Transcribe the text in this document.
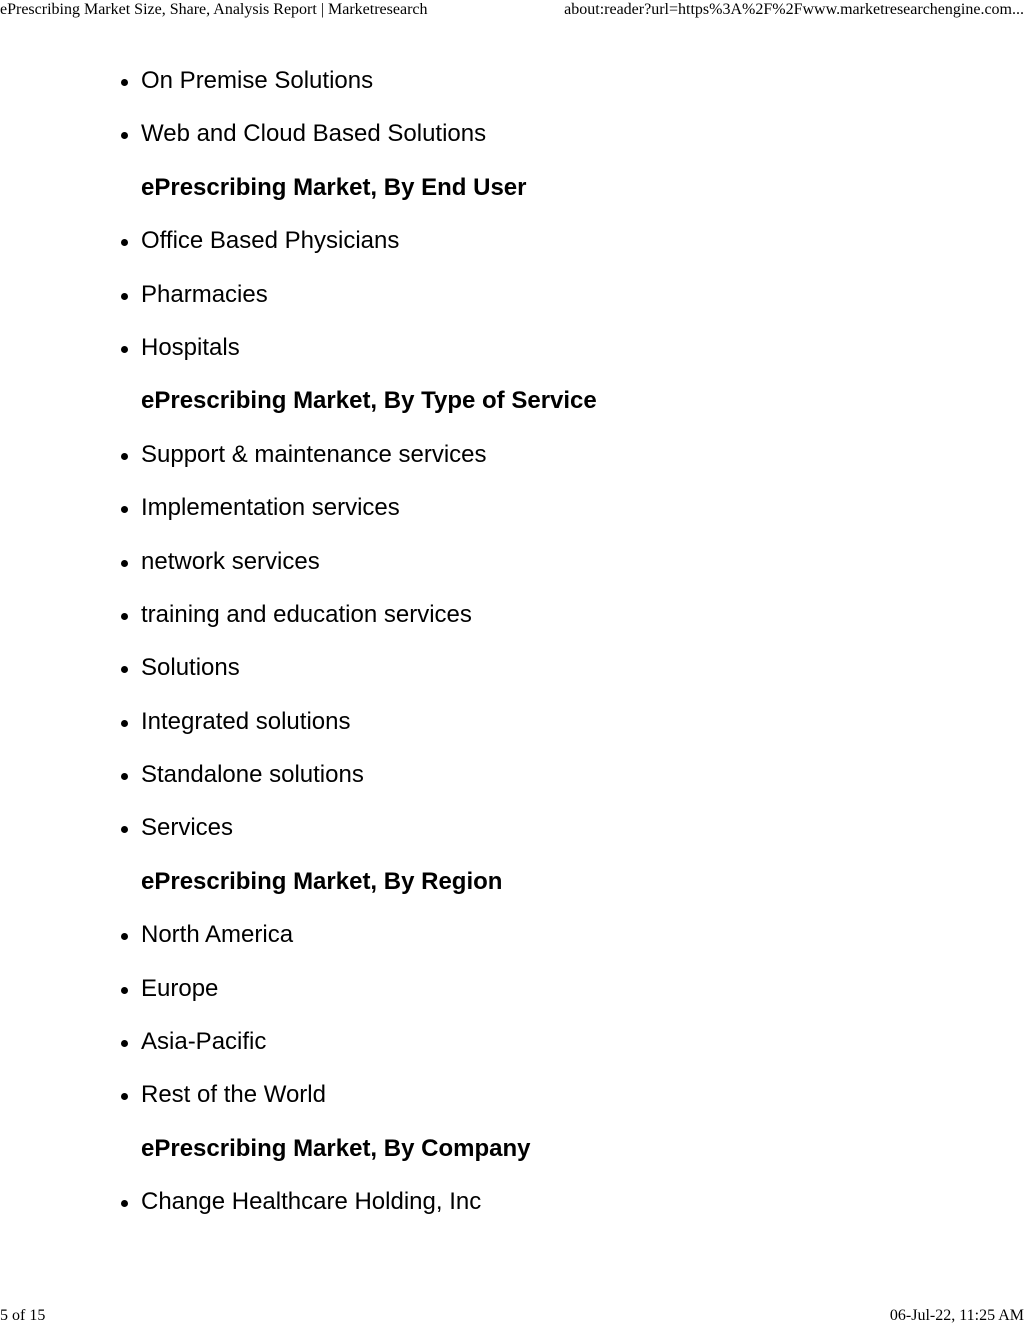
ePrescribing Market Size, Share, Analysis Report | Marketresearch	about:reader?url=https%3A%2F%2Fwww.marketresearchengine.com...
On Premise Solutions
Web and Cloud Based Solutions
ePrescribing Market, By End User
Office Based Physicians
Pharmacies
Hospitals
ePrescribing Market, By Type of Service
Support & maintenance services
Implementation services
network services
training and education services
Solutions
Integrated solutions
Standalone solutions
Services
ePrescribing Market, By Region
North America
Europe
Asia-Pacific
Rest of the World
ePrescribing Market, By Company
Change Healthcare Holding, Inc
5 of 15	06-Jul-22, 11:25 AM
